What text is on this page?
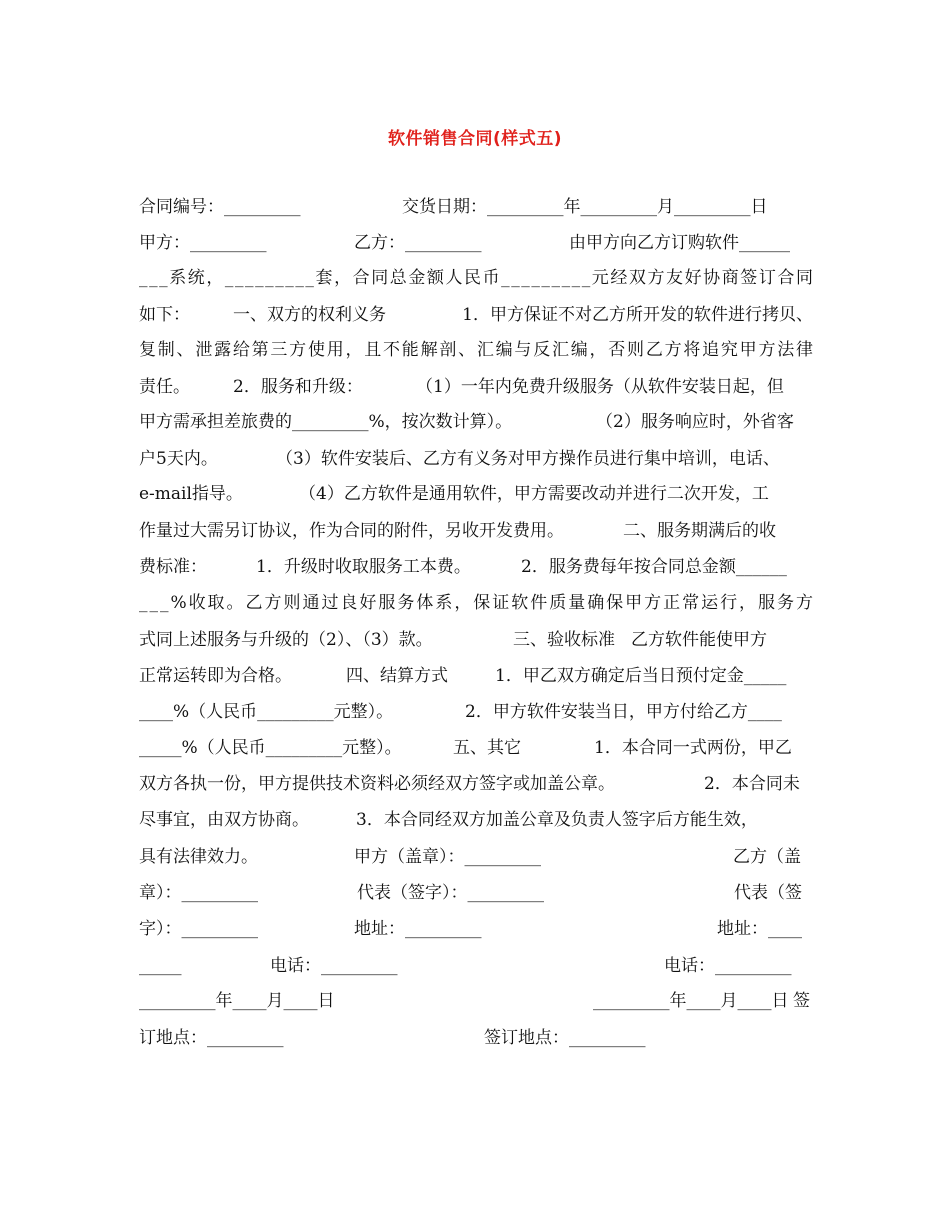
软件销售合同(样式五)
合同编号：_________	交货日期：_________年_________月_________日
甲方：_________	乙方：_________	由甲方向乙方订购软件______
___系统，_________套，合同总金额人民币_________元经双方友好协商签订合同
如下：	一、双方的权利义务	1．甲方保证不对乙方所开发的软件进行拷贝、
复制、泄露给第三方使用，且不能解剖、汇编与反汇编，否则乙方将追究甲方法律
责任。	2．服务和升级：	（1）一年内免费升级服务（从软件安装日起，但
甲方需承担差旅费的_________%，按次数计算）。	（2）服务响应时，外省客
户5天内。	（3）软件安装后、乙方有义务对甲方操作员进行集中培训，电话、
e-mail指导。	（4）乙方软件是通用软件，甲方需要改动并进行二次开发，工
作量过大需另订协议，作为合同的附件，另收开发费用。	二、服务期满后的收
费标准：	1．升级时收取服务工本费。	2．服务费每年按合同总金额______
___%收取。乙方则通过良好服务体系，保证软件质量确保甲方正常运行，服务方
式同上述服务与升级的（2）、（3）款。	三、验收标准 乙方软件能使甲方
正常运转即为合格。	四、结算方式	1．甲乙双方确定后当日预付定金_____
____%（人民币_________元整）。	2．甲方软件安装当日，甲方付给乙方____
_____%（人民币_________元整）。	五、其它	1．本合同一式两份，甲乙
双方各执一份，甲方提供技术资料必须经双方签字或加盖公章。	2．本合同未
尽事宜，由双方协商。	3．本合同经双方加盖公章及负责人签字后方能生效，
具有法律效力。	甲方（盖章）：_________	乙方（盖
章）：_________	代表（签字）：_________	代表（签
字）：_________	地址：_________	地址：____
_____	电话：_________	电话：_________
_________年____月____日	_________年____月____日 签
订地点：_________	签订地点：_________
